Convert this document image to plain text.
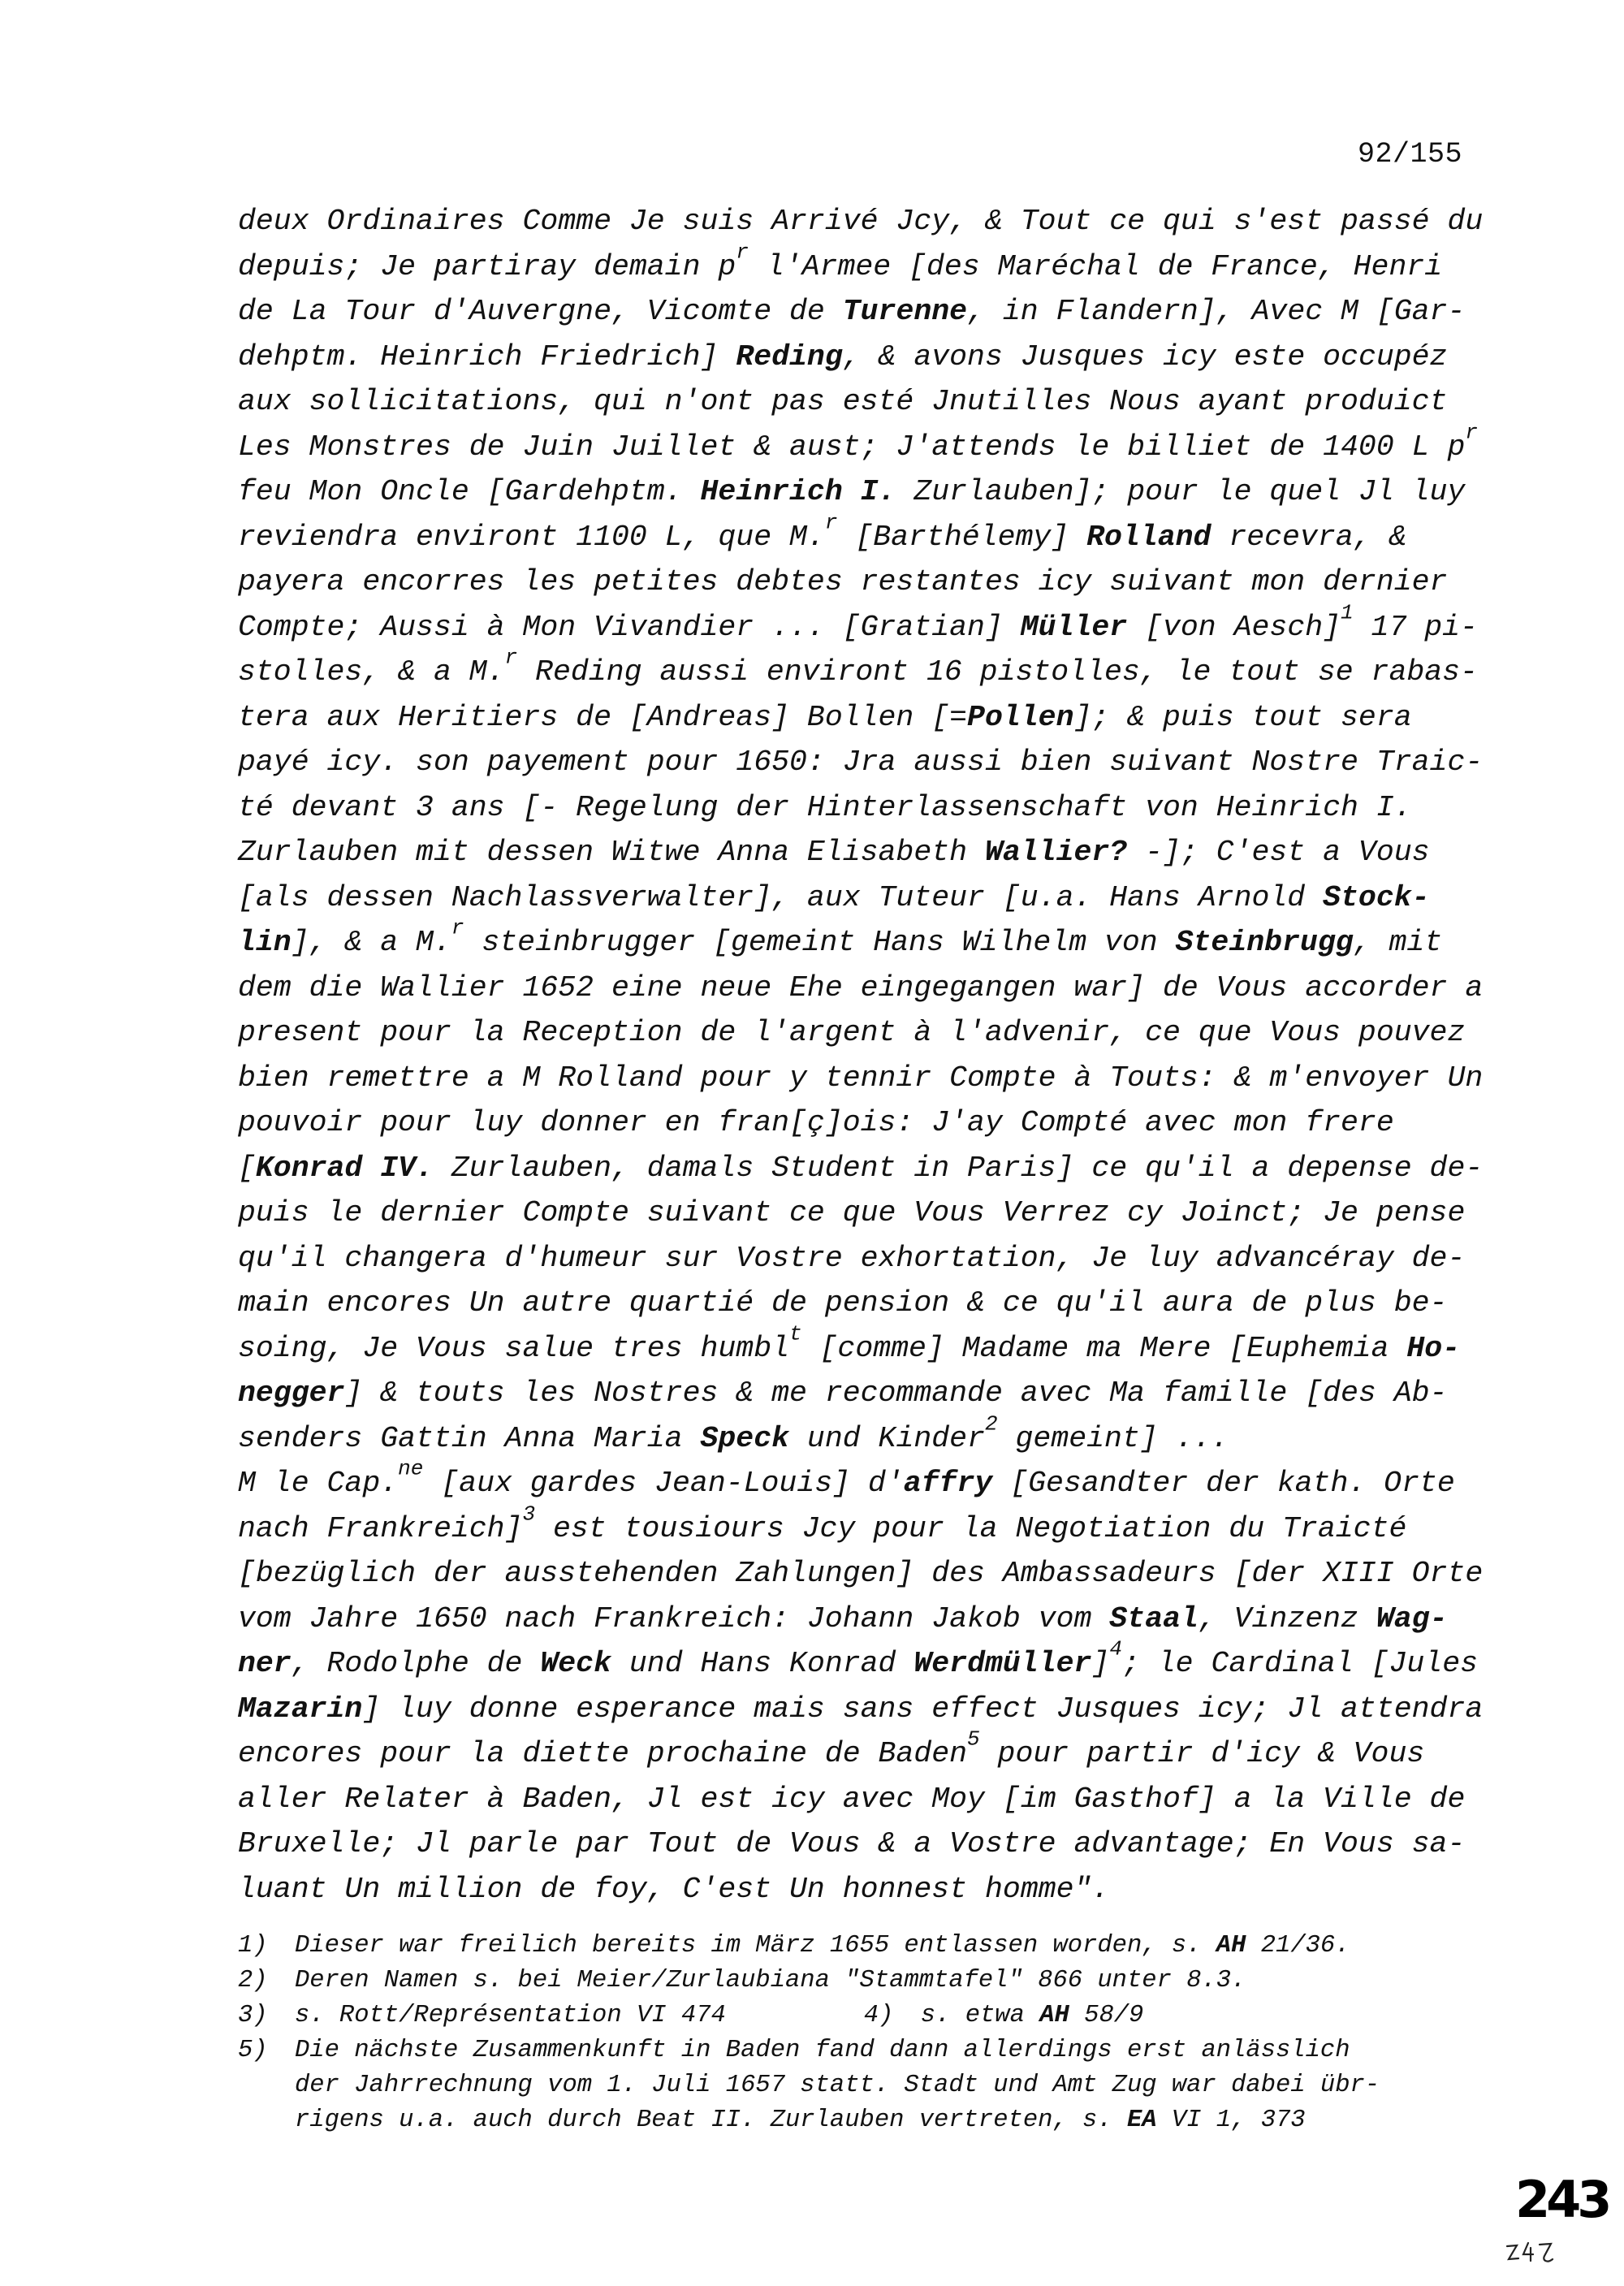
92/155
deux Ordinaires Comme Je suis Arrivé Jcy, & Tout ce qui s'est passé du
depuis; Je partiray demain $p^r$ l'Armee [des Maréchal de France, Henri
de La Tour d'Auvergne, Vicomte de Turenne, in Flandern], Avec M [Gar-
dehptm. Heinrich Friedrich] Reding, & avons Jusques icy este occupéz
aux sollicitations, qui n'ont pas esté Jnutilles Nous ayant produict
Les Monstres de Juin Juillet & aust; J'attends le billiet de 1400 L $p^r$
feu Mon Oncle [Gardehptm. Heinrich I. Zurlauben]; pour le quel Jl luy
reviendra environt 1100 L, que M.$^r$ [Barthélemy] Rolland recevra, &
payera encorres les petites debtes restantes icy suivant mon dernier
Compte; Aussi à Mon Vivandier ... [Gratian] Müller [von Aesch]$^1$ 17 pi-
stolles, & a M.$^r$ Reding aussi environt 16 pistolles, le tout se rabas-
tera aux Heritiers de [Andreas] Bollen [=Pollen]; & puis tout sera
payé icy. son payement pour 1650: Jra aussi bien suivant Nostre Traic-
té devant 3 ans [- Regelung der Hinterlassenschaft von Heinrich I.
Zurlauben mit dessen Witwe Anna Elisabeth Wallier? -]; C'est a Vous
[als dessen Nachlassverwalter], aux Tuteur [u.a. Hans Arnold Stock-
lin], & a M.$^r$ steinbrugger [gemeint Hans Wilhelm von Steinbrugg, mit
dem die Wallier 1652 eine neue Ehe eingegangen war] de Vous accorder a
present pour la Reception de l'argent à l'advenir, ce que Vous pouvez
bien remettre a M Rolland pour y tennir Compte à Touts: & m'envoyer Un
pouvoir pour luy donner en fran[ç]ois: J'ay Compté avec mon frere
[Konrad IV. Zurlauben, damals Student in Paris] ce qu'il a depense de-
puis le dernier Compte suivant ce que Vous Verrez cy Joinct; Je pense
qu'il changera d'humeur sur Vostre exhortation, Je luy advancéray de-
main encores Un autre quartié de pension & ce qu'il aura de plus be-
soing, Je Vous salue tres humbl$^t$ [comme] Madame ma Mere [Euphemia Ho-
negger] & touts les Nostres & me recommande avec Ma famille [des Ab-
senders Gattin Anna Maria Speck und Kinder$^2$ gemeint] ...
M le Cap.$^{ne}$ [aux gardes Jean-Louis] d'affry [Gesandter der kath. Orte
nach Frankreich]$^3$ est tousiours Jcy pour la Negotiation du Traicté
[bezüglich der ausstehenden Zahlungen] des Ambassadeurs [der XIII Orte
vom Jahre 1650 nach Frankreich: Johann Jakob vom Staal, Vinzenz Wag-
ner, Rodolphe de Weck und Hans Konrad Werdmüller]$^4$; le Cardinal [Jules
Mazarin] luy donne esperance mais sans effect Jusques icy; Jl attendra
encores pour la diette prochaine de Baden$^5$ pour partir d'icy & Vous
aller Relater à Baden, Jl est icy avec Moy [im Gasthof] a la Ville de
Bruxelle; Jl parle par Tout de Vous & a Vostre advantage; En Vous sa-
luant Un million de foy, C'est Un honnest homme".
1) Dieser war freilich bereits im März 1655 entlassen worden, s. AH 21/36.
2) Deren Namen s. bei Meier/Zurlaubiana "Stammtafel" 866 unter 8.3.
3) s. Rott/Représentation VI 474	4) s. etwa AH 58/9
5) Die nächste Zusammenkunft in Baden fand dann allerdings erst anlässlich
der Jahrrechnung vom 1. Juli 1657 statt. Stadt und Amt Zug war dabei übr-
rigens u.a. auch durch Beat II. Zurlauben vertreten, s. EA VI 1, 373
243
